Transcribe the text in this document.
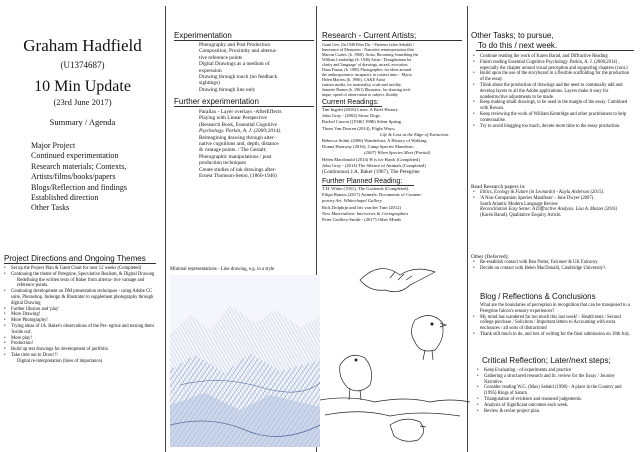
Graham Hadfield
(U1374687)
10 Min Update
(23rd June 2017)
Summary / Agenda
• Major Project
• Continued experimentation
• Research materials; Contexts,
Artists/films/books/papers
• Blogs/Reflection and findings
• Established direction
• Other Tasks
Experimentation
• Photography and Post Production
• Composition, Proximity and alterna-
tive reference points
• Digital Drawings as a medium of
expression
• Drawing through touch (no feedback
sightings)
• Drawing through line only
Further experimentation
• Parallax - Layer overlays -AfterEffects
• Playing with Linear Perspective
(Research Book, Essential Cognitive
Psychology. Parkin, A. J. (2000;2014).
• Reimagining drawing through alter-
native cognitions and, depth, distance
& vantage points. / The Gestalt;
Photographic manipulations / post
production techniques
• Create studies of ink drawings after-
Ernest Thomson-Seton, (1860-1946)
Research - Current Artists;
Grant Gee, (In 1948 Film Dir. - Patience (after Sebald) /
Innocence of Memories - Narrative reinterpretation film
Marcus Coates, (b. 1968), Artist, Becoming Something the
William Lembridge (b. 1946) Artist / Draughtsman for
clarity and 'language' of drawings, mixed, evocation.
Daan Fasma, (b. 1985) Photographer, for ideas around
the anthropocentric incapacity in context time. - Myrto
Helen Marten, (b. 1986), CA&E Artist
various media, for materiality, scale and tactility.
Jeanette Barnes (b. 1961) Illustrator, for drawing tech-
nique, speed of observation to subject, fluidity
Current Readings:
Tim Ingold (2016) Lines: A Brief History
John Gray - (2002) Straw Dogs
Rachel Carson ([1946] 1986) Silent Spring
Thom Van Dooren (2014), Flight Ways;
Life & Loss at the Edge of Extinction.
Rebecca Solnit (2006) Wanderlust; A History of Walking
Donna Haraway (2016), Camp Species Manifesto
(2007) When Species Meet (Partial)
Helen Macdonald (2014) H is for Hawk (Completed)
John Gray - (2014) The Silence of Animals (Completed)
(Continuous) J.A. Baker (1967), The Peregrine
Further Planned Reading:
T.H. White (1951), The Goshawk (Completed)
Filipa Ramos (2017) Animals: Documents of Contem-
porary Art. Whitechapel Gallery
Rick Dolphijn and Iris van der Tuin (2012)
New Materialism: Interviews & Cartographies
Peter Godfrey-Smith - (2017) Other Minds
Other Tasks; to pursue,
To do this / next week.
• Continue reading the work of Karen Barad, and Diffractive Reading
• Finish reading Essential Cognitive Psychology. Parkin, A. J. (2000;2014) , especially the chapter around visual perception and supporting chapters (cont.)
• Build upon the use of the storyboard in a flexible scaffolding for the production of the essay.
• Think about the production of drawings and the need to continually add and develop layers to all the Adobe applications. Layers make it easy for nondestructive adjustments to be made.
• Keep making small drawings, to be used in the margin of the essay. Combined with Rowan.
• Keep reviewing the work of William Kentridge and other practitioners to help contextualise.
• Try to avoid blogging too much, devote more time to the essay production.
Read Research papers in:
• Ethics, Ecology & Future (in Leonardo) - Kayla Anderson (2015).
• 'A Non-Companion Species Manifesto' - June Dwyer (2007).
South Atlantic Modern Language Review
Reconciliation Easy Sense: A Diffractive Analysis. Lisa A. Mazzei (2016)
(Karen Barad). Qualitative Enquiry Article.
Other (Deferred);
• Re-establish contact with Ben Potter, Falconer & UK Falconry.
• Decide on contact with Helen MacDonald, Cambridge University?.
Blog / Reflections & Conclusions
What are the boundaries of perception in recognition that can be transposed to a Peregrine falcon's sensory experiences?
• My mind has wandered far too much this last week! - Health tests / Second college purchase / Solicitors / Important letters to Accounting with extra enclosures / all sorts of distractions!
• Thank still much to do, and lots of writing for the final submission on 18th July.
Critical Reflection; Later/next steps;
• Keep Evaluating - of experiments and practice
• Gathering a structured research and lit. review for the Essay / Journey Narrative.
• Consider reading W.G. (Max) Sebald (1998) - A place in the Country and (1995) Rings of Saturn
• Triangulation of evidence and reasoned judgements.
• Analysis of Significant outcomes each week.
• Review & revise project plan.
Project Directions and Ongoing Themes
• Set up the Project Plan & Gantt Chart for next 12 weeks (Completed)
• Continuing the theme of Peregrine, Speculative Realism, & Digital Drawing
Redefining the written texts of Baker from alterna- tive vantage and reference points.
• Continuing development on DM presentation techniques - using Adobe CC suite, Photoshop, Indesign & Illustrator to supplement photography through digital Drawing
• Further Illusion and 'play'
• More Drawing!
• More Photography!
• Trying ideas of JA. Baker's observations of the Per- egrine and turning them 'inside out'.
• More play!
• Production!
• Build up test drawings for development of portfolio
• Take time out to Draw!!!
Digital re-interpretation (lines of importance).
Minimal representations - Line drawing, e.g. in a style
